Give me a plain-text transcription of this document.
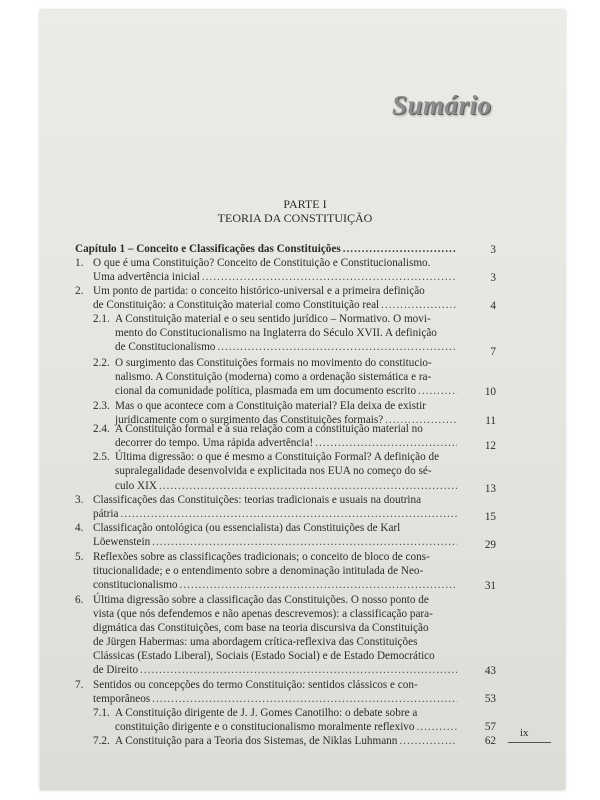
Sumário
PARTE I
TEORIA DA CONSTITUIÇÃO
Capítulo 1 – Conceito e Classificações das Constituições .....	3
1. O que é uma Constituição? Conceito de Constituição e Constitucionalismo.
Uma advertência inicial .....	3
2. Um ponto de partida: o conceito histórico-universal e a primeira definição
de Constituição: a Constituição material como Constituição real .....	4
2.1. A Constituição material e o seu sentido jurídico – Normativo. O movi-
mento do Constitucionalismo na Inglaterra do Século XVII. A definição
de Constitucionalismo .....	7
2.2. O surgimento das Constituições formais no movimento do constitucio-
nalismo. A Constituição (moderna) como a ordenação sistemática e ra-
cional da comunidade política, plasmada em um documento escrito .....	10
2.3. Mas o que acontece com a Constituição material? Ela deixa de existir
juridicamente com o surgimento das Constituições formais? .....	11
2.4. A Constituição formal e a sua relação com a constituição material no
decorrer do tempo. Uma rápida advertência! .....	12
2.5. Última digressão: o que é mesmo a Constituição Formal? A definição de
supralegalidade desenvolvida e explicitada nos EUA no começo do sé-
culo XIX .....	13
3. Classificações das Constituições: teorias tradicionais e usuais na doutrina
pátria .....	15
4. Classificação ontológica (ou essencialista) das Constituições de Karl
Löewenstein .....	29
5. Reflexões sobre as classificações tradicionais; o conceito de bloco de cons-
titucionalidade; e o entendimento sobre a denominação intitulada de Neo-
constitucionalismo .....	31
6. Última digressão sobre a classificação das Constituições. O nosso ponto de
vista (que nós defendemos e não apenas descrevemos): a classificação para-
digmática das Constituições, com base na teoria discursiva da Constituição
de Jürgen Habermas: uma abordagem crítica-reflexiva das Constituições
Clássicas (Estado Liberal), Sociais (Estado Social) e de Estado Democrático
de Direito .....	43
7. Sentidos ou concepções do termo Constituição: sentidos clássicos e con-
temporâneos .....	53
7.1. A Constituição dirigente de J. J. Gomes Canotilho: o debate sobre a
constituição dirigente e o constitucionalismo moralmente reflexivo .....	57
7.2. A Constituição para a Teoria dos Sistemas, de Niklas Luhmann .....	62
ix
